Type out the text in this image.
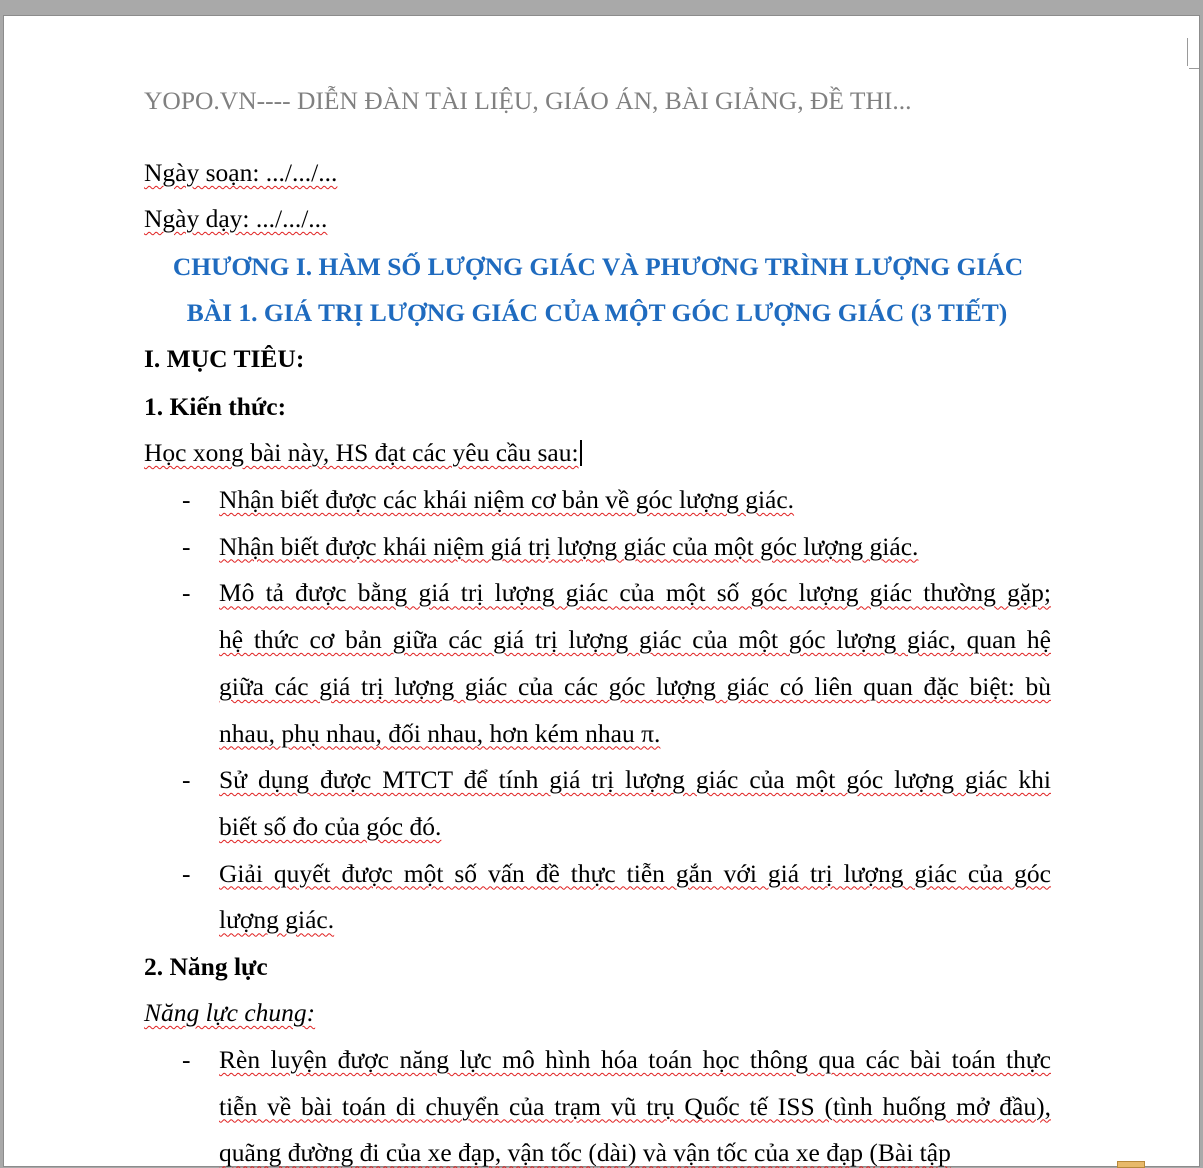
YOPO.VN---- DIỄN ĐÀN TÀI LIỆU, GIÁO ÁN, BÀI GIẢNG, ĐỀ THI...
Ngày soạn: .../.../...
Ngày dạy: .../.../...
CHƯƠNG I. HÀM SỐ LƯỢNG GIÁC VÀ PHƯƠNG TRÌNH LƯỢNG GIÁC
BÀI 1. GIÁ TRỊ LƯỢNG GIÁC CỦA MỘT GÓC LƯỢNG GIÁC (3 TIẾT)
I. MỤC TIÊU:
1. Kiến thức:
Học xong bài này, HS đạt các yêu cầu sau:
- Nhận biết được các khái niệm cơ bản về góc lượng giác.
- Nhận biết được khái niệm giá trị lượng giác của một góc lượng giác.
- Mô tả được bằng giá trị lượng giác của một số góc lượng giác thường gặp;
hệ thức cơ bản giữa các giá trị lượng giác của một góc lượng giác, quan hệ
giữa các giá trị lượng giác của các góc lượng giác có liên quan đặc biệt: bù
nhau, phụ nhau, đối nhau, hơn kém nhau π.
- Sử dụng được MTCT để tính giá trị lượng giác của một góc lượng giác khi
biết số đo của góc đó.
- Giải quyết được một số vấn đề thực tiễn gắn với giá trị lượng giác của góc
lượng giác.
2. Năng lực
Năng lực chung:
- Rèn luyện được năng lực mô hình hóa toán học thông qua các bài toán thực
tiễn về bài toán di chuyển của trạm vũ trụ Quốc tế ISS (tình huống mở đầu),
quãng đường đi của xe đạp, vận tốc (dài) và vận tốc của xe đạp (Bài tập
